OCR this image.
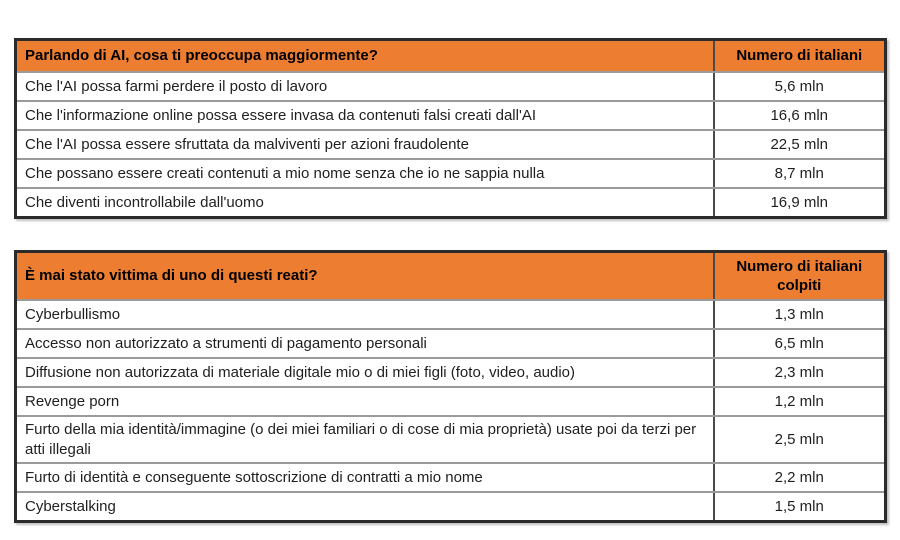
Parlando di AI, cosa ti preoccupa maggiormente?	Numero di italiani
Che l'AI possa farmi perdere il posto di lavoro	5,6 mln
Che l'informazione online possa essere invasa da contenuti falsi creati dall'AI	16,6 mln
Che l'AI possa essere sfruttata da malviventi per azioni fraudolente	22,5 mln
Che possano essere creati contenuti a mio nome senza che io ne sappia nulla	8,7 mln
Che diventi incontrollabile dall'uomo	16,9 mln
È mai stato vittima di uno di questi reati?	Numero di italiani colpiti
Cyberbullismo	1,3 mln
Accesso non autorizzato a strumenti di pagamento personali	6,5 mln
Diffusione non autorizzata di materiale digitale mio o di miei figli (foto, video, audio)	2,3 mln
Revenge porn	1,2 mln
Furto della mia identità/immagine (o dei miei familiari o di cose di mia proprietà) usate poi da terzi per atti illegali	2,5 mln
Furto di identità e conseguente sottoscrizione di contratti a mio nome	2,2 mln
Cyberstalking	1,5 mln
